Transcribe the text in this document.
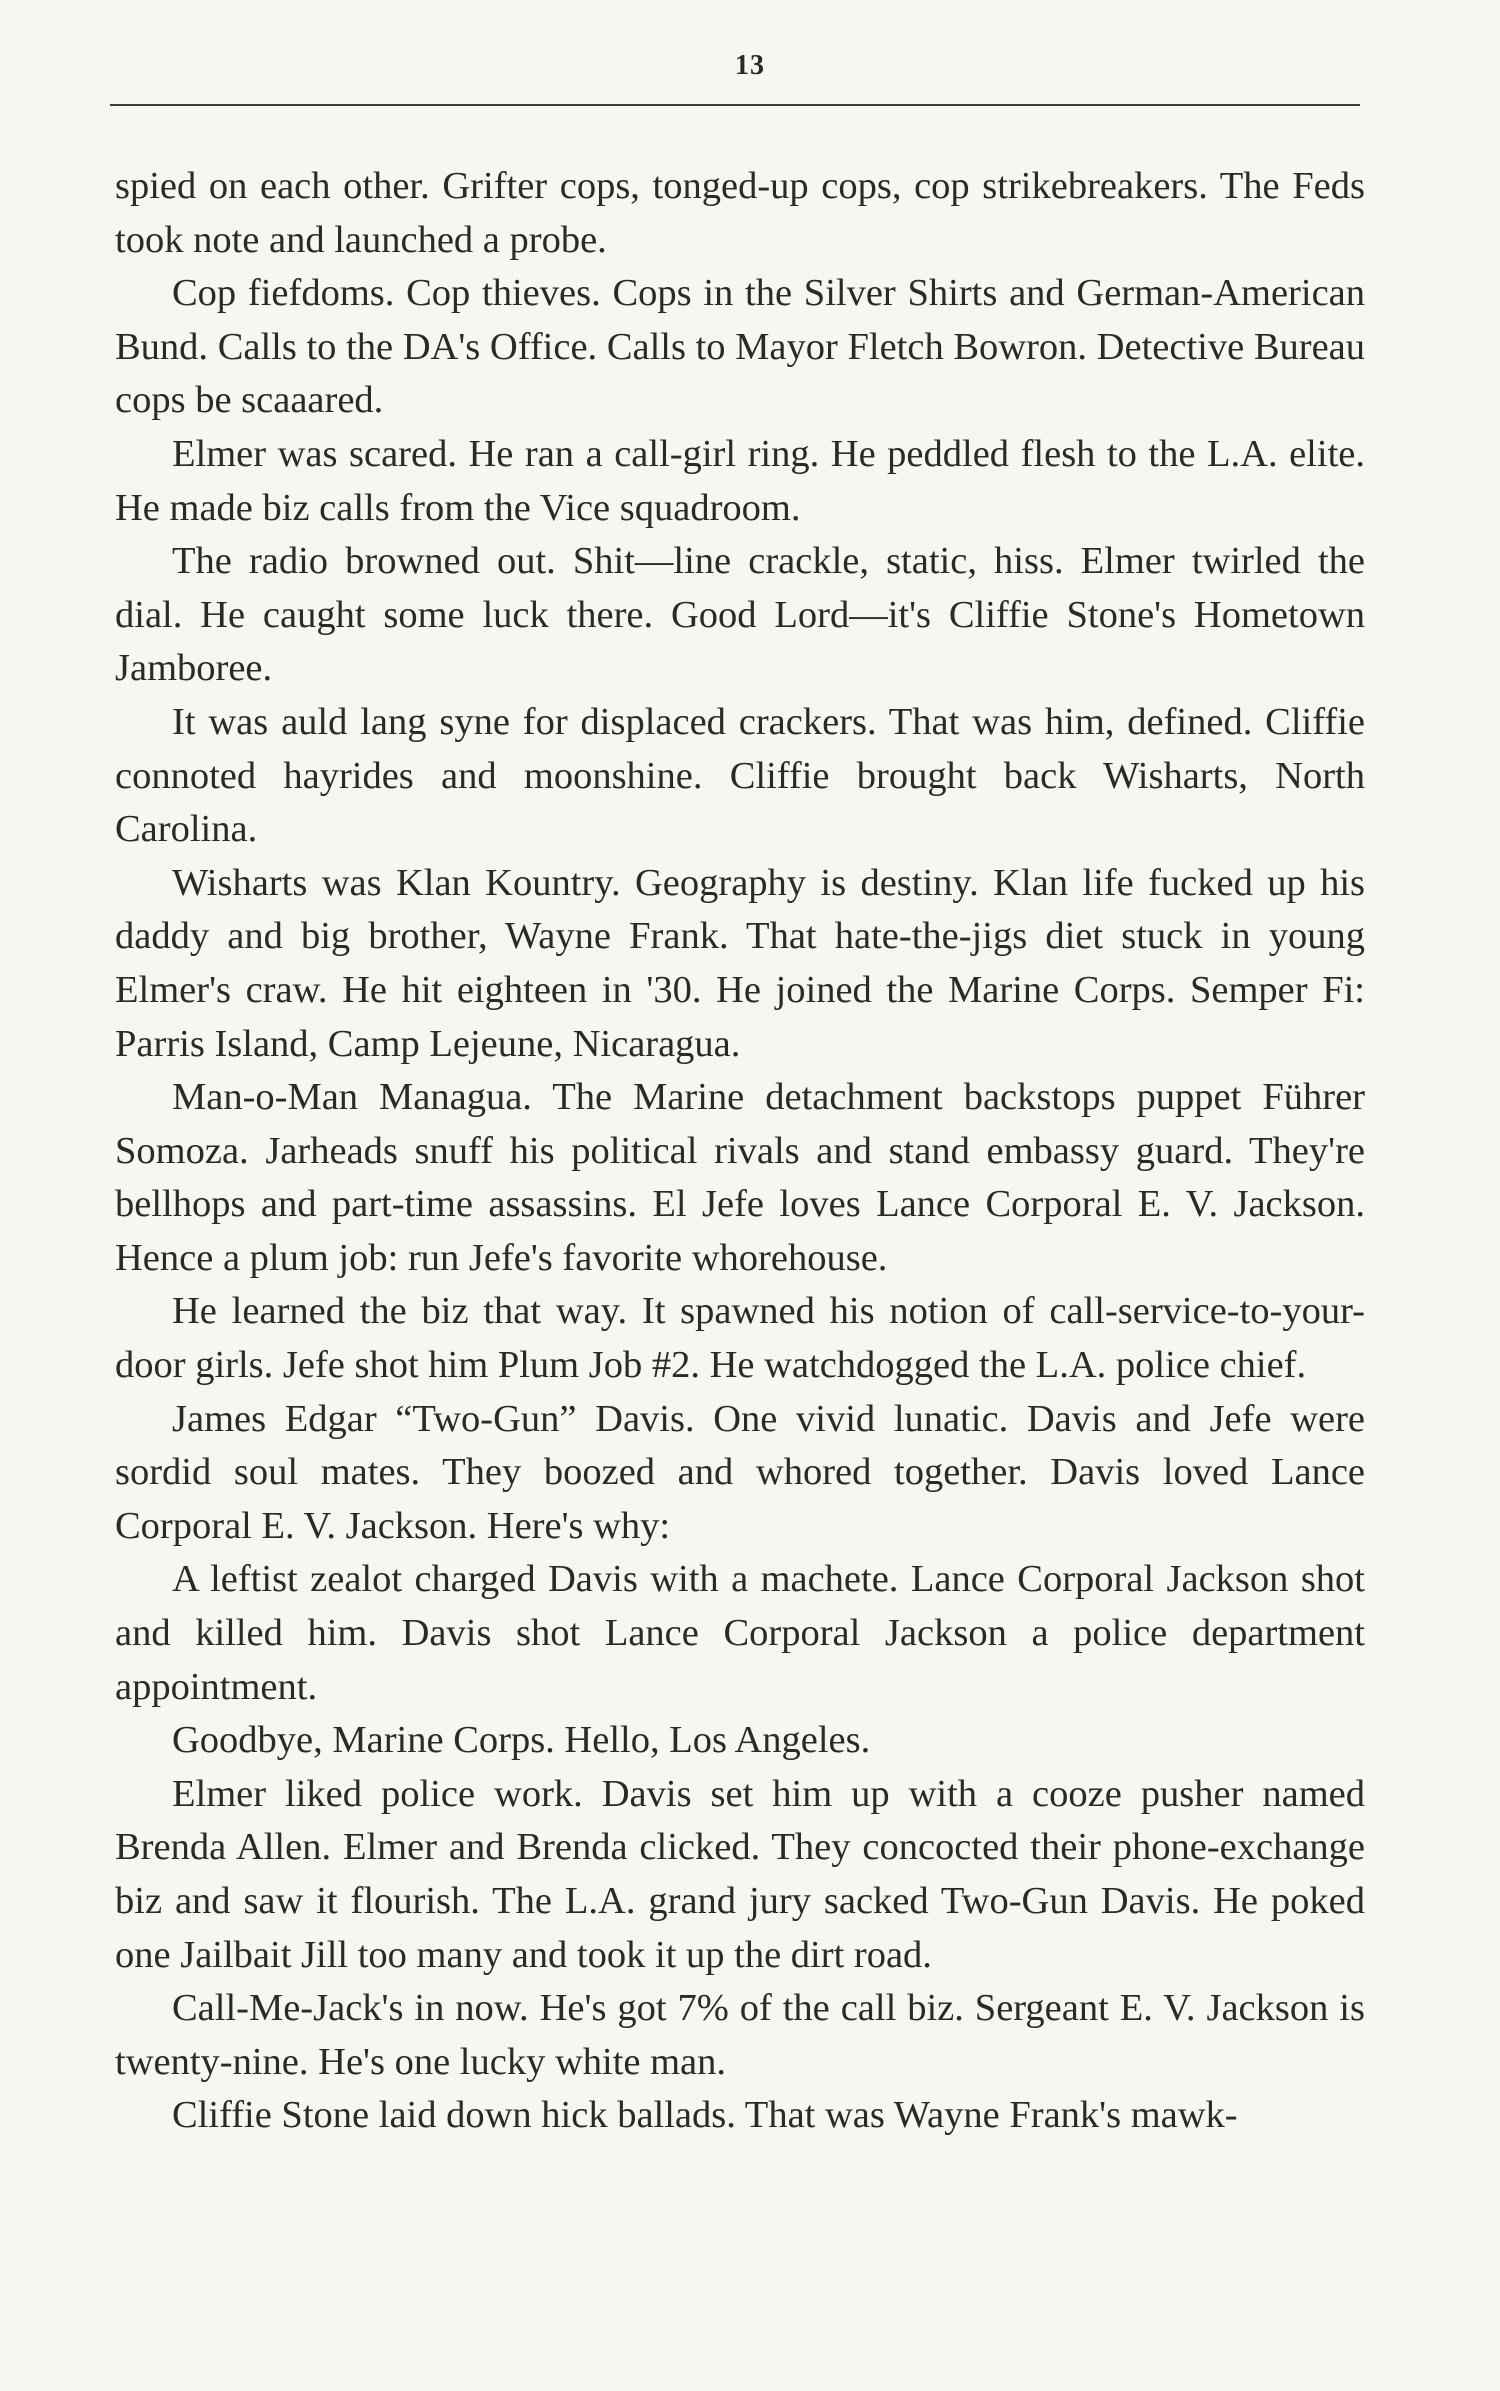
13

spied on each other. Grifter cops, tonged-up cops, cop strikebreakers. The Feds took note and launched a probe.

Cop fiefdoms. Cop thieves. Cops in the Silver Shirts and German-American Bund. Calls to the DA's Office. Calls to Mayor Fletch Bowron. Detective Bureau cops be scaaared.

Elmer was scared. He ran a call-girl ring. He peddled flesh to the L.A. elite. He made biz calls from the Vice squadroom.

The radio browned out. Shit—line crackle, static, hiss. Elmer twirled the dial. He caught some luck there. Good Lord—it's Cliffie Stone's Hometown Jamboree.

It was auld lang syne for displaced crackers. That was him, defined. Cliffie connoted hayrides and moonshine. Cliffie brought back Wisharts, North Carolina.

Wisharts was Klan Kountry. Geography is destiny. Klan life fucked up his daddy and big brother, Wayne Frank. That hate-the-jigs diet stuck in young Elmer's craw. He hit eighteen in '30. He joined the Marine Corps. Semper Fi: Parris Island, Camp Lejeune, Nicaragua.

Man-o-Man Managua. The Marine detachment backstops puppet Führer Somoza. Jarheads snuff his political rivals and stand embassy guard. They're bellhops and part-time assassins. El Jefe loves Lance Corporal E. V. Jackson. Hence a plum job: run Jefe's favorite whorehouse.

He learned the biz that way. It spawned his notion of call-service-to-your-door girls. Jefe shot him Plum Job #2. He watchdogged the L.A. police chief.

James Edgar “Two-Gun” Davis. One vivid lunatic. Davis and Jefe were sordid soul mates. They boozed and whored together. Davis loved Lance Corporal E. V. Jackson. Here's why:

A leftist zealot charged Davis with a machete. Lance Corporal Jackson shot and killed him. Davis shot Lance Corporal Jackson a police department appointment.

Goodbye, Marine Corps. Hello, Los Angeles.

Elmer liked police work. Davis set him up with a cooze pusher named Brenda Allen. Elmer and Brenda clicked. They concocted their phone-exchange biz and saw it flourish. The L.A. grand jury sacked Two-Gun Davis. He poked one Jailbait Jill too many and took it up the dirt road.

Call-Me-Jack's in now. He's got 7% of the call biz. Sergeant E. V. Jackson is twenty-nine. He's one lucky white man.

Cliffie Stone laid down hick ballads. That was Wayne Frank's mawk-
